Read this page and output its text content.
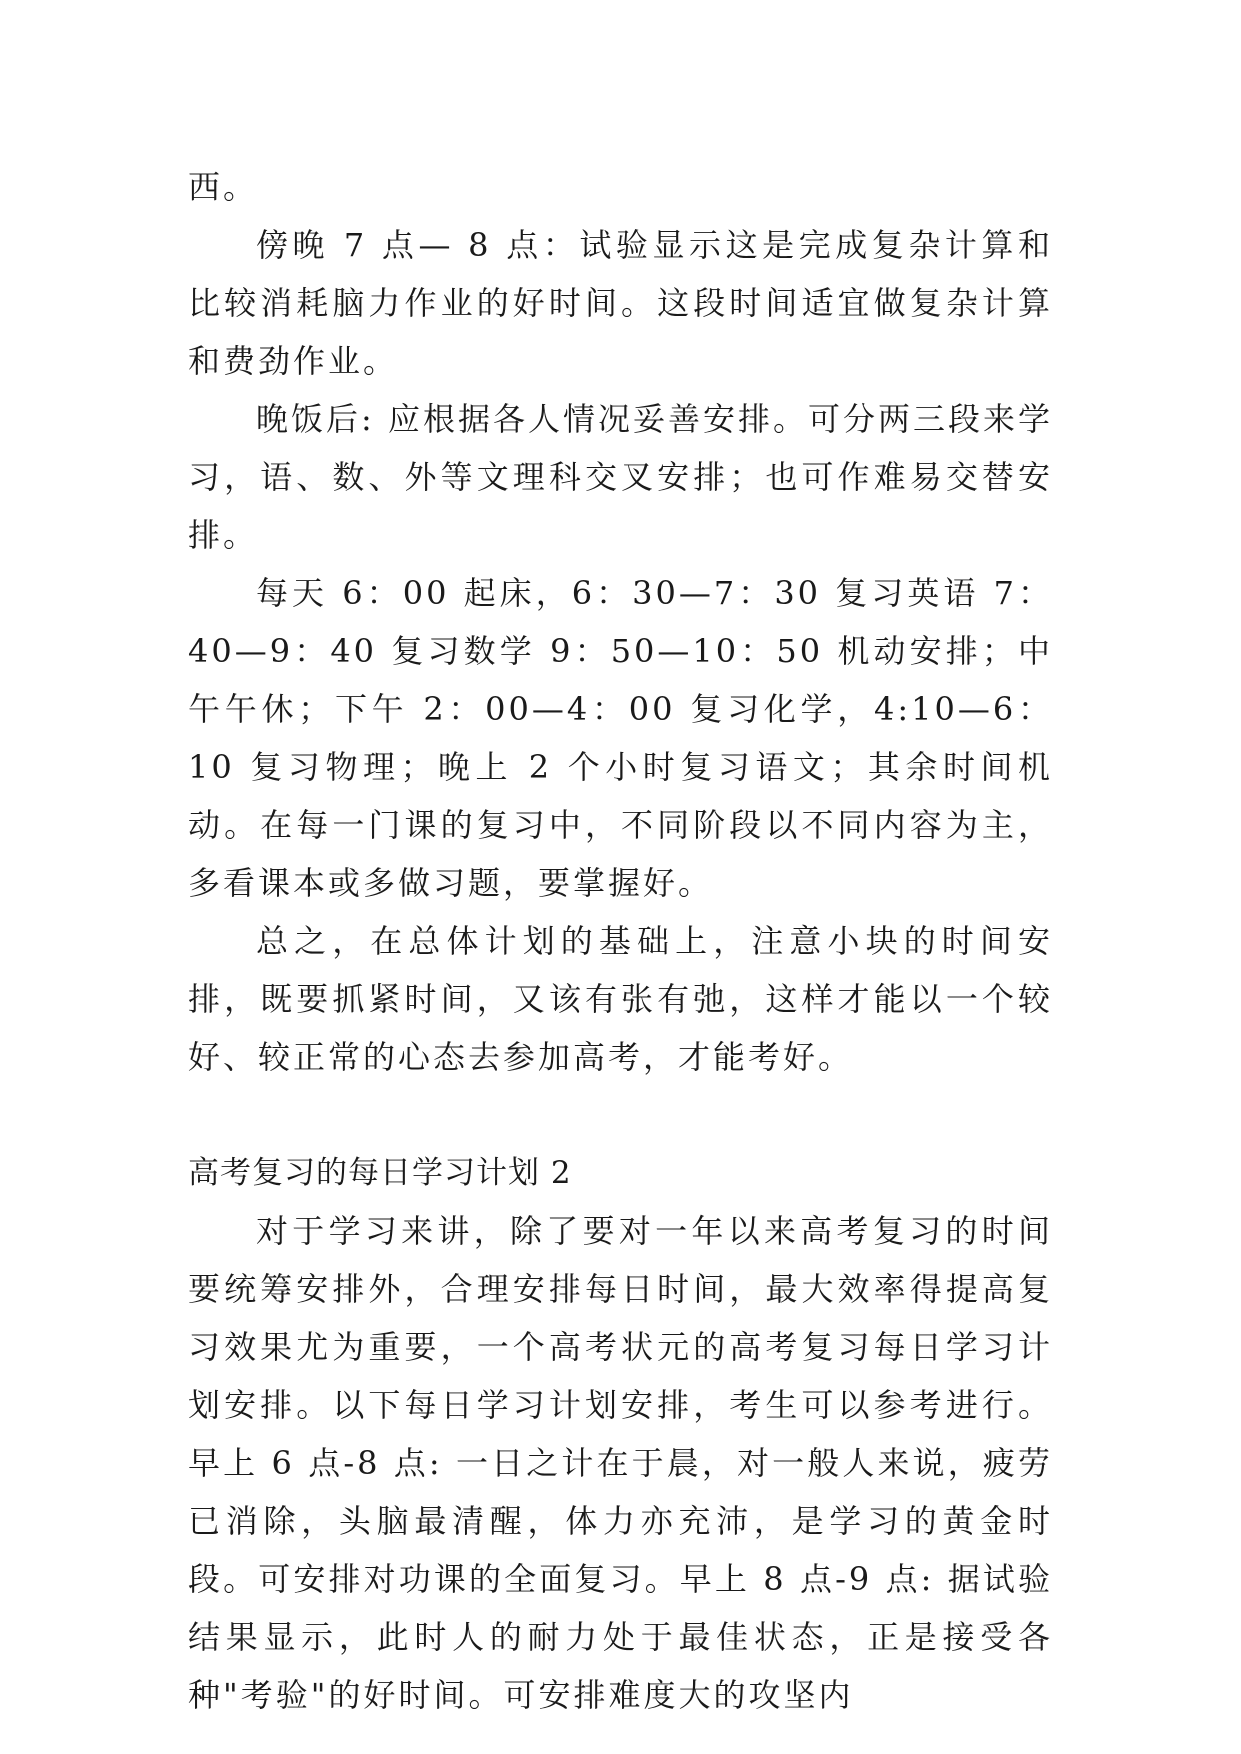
西。

傍晚 7 点— 8 点：试验显示这是完成复杂计算和比较消耗脑力作业的好时间。这段时间适宜做复杂计算和费劲作业。

晚饭后: 应根据各人情况妥善安排。可分两三段来学习，语、数、外等文理科交叉安排；也可作难易交替安排。

每天 6：00 起床，6：30—7：30 复习英语 7：40—9：40 复习数学 9：50—10：50 机动安排；中午午休；下午 2：00—4：00 复习化学，4:10—6：10 复习物理；晚上 2 个小时复习语文；其余时间机动。在每一门课的复习中，不同阶段以不同内容为主，多看课本或多做习题，要掌握好。

总之，在总体计划的基础上，注意小块的时间安排，既要抓紧时间，又该有张有弛，这样才能以一个较好、较正常的心态去参加高考，才能考好。

高考复习的每日学习计划 2

对于学习来讲，除了要对一年以来高考复习的时间要统筹安排外，合理安排每日时间，最大效率得提高复习效果尤为重要，一个高考状元的高考复习每日学习计划安排。以下每日学习计划安排，考生可以参考进行。早上 6 点-8 点: 一日之计在于晨，对一般人来说，疲劳已消除，头脑最清醒，体力亦充沛，是学习的黄金时段。可安排对功课的全面复习。早上 8 点-9 点: 据试验结果显示，此时人的耐力处于最佳状态，正是接受各种"考验"的好时间。可安排难度大的攻坚内
